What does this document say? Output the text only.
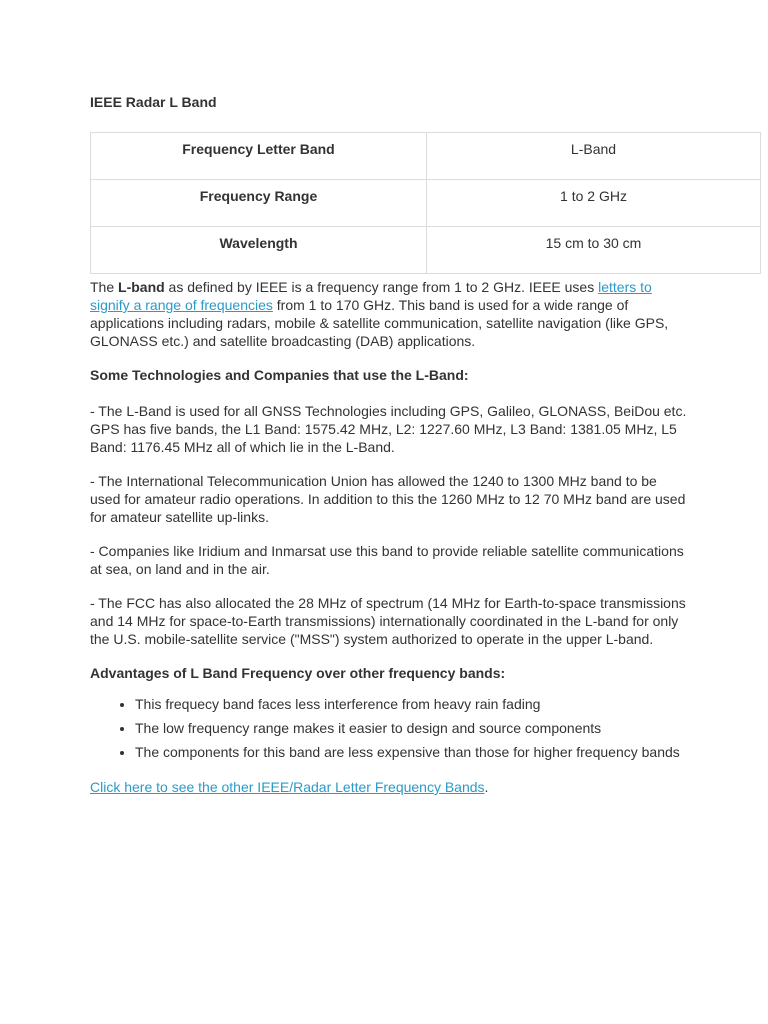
IEEE Radar L Band
Frequency Letter Band	L-Band
Frequency Range	1 to 2 GHz
Wavelength	15 cm to 30 cm

The L-band as defined by IEEE is a frequency range from 1 to 2 GHz. IEEE uses letters to signify a range of frequencies from 1 to 170 GHz. This band is used for a wide range of applications including radars, mobile & satellite communication, satellite navigation (like GPS, GLONASS etc.) and satellite broadcasting (DAB) applications.

Some Technologies and Companies that use the L-Band:

- The L-Band is used for all GNSS Technologies including GPS, Galileo, GLONASS, BeiDou etc. GPS has five bands, the L1 Band: 1575.42 MHz, L2: 1227.60 MHz, L3 Band: 1381.05 MHz, L5 Band: 1176.45 MHz all of which lie in the L-Band.

- The International Telecommunication Union has allowed the 1240 to 1300 MHz band to be used for amateur radio operations. In addition to this the 1260 MHz to 12 70 MHz band are used for amateur satellite up-links.

- Companies like Iridium and Inmarsat use this band to provide reliable satellite communications at sea, on land and in the air.

- The FCC has also allocated the 28 MHz of spectrum (14 MHz for Earth-to-space transmissions and 14 MHz for space-to-Earth transmissions) internationally coordinated in the L-band for only the U.S. mobile-satellite service ("MSS") system authorized to operate in the upper L-band.

Advantages of L Band Frequency over other frequency bands:

• This frequecy band faces less interference from heavy rain fading
• The low frequency range makes it easier to design and source components
• The components for this band are less expensive than those for higher frequency bands

Click here to see the other IEEE/Radar Letter Frequency Bands.
